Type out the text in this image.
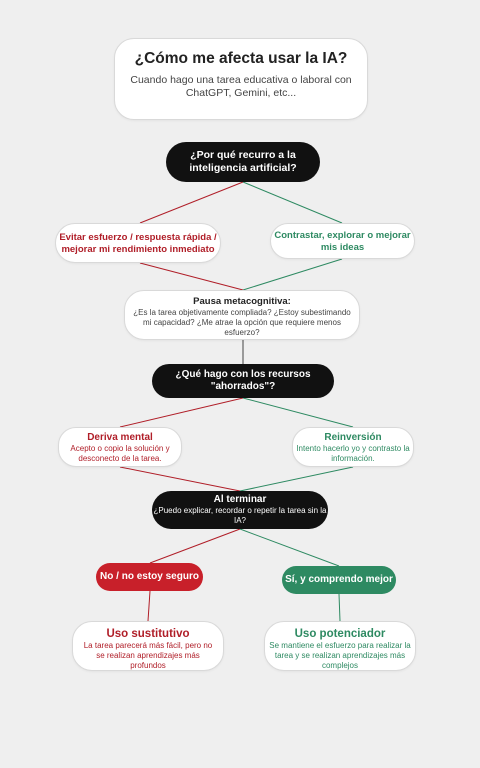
¿Cómo me afecta usar la IA?
Cuando hago una tarea educativa o laboral con ChatGPT, Gemini, etc...
¿Por qué recurro a la inteligencia artificial?
Evitar esfuerzo / respuesta rápida / mejorar mi rendimiento inmediato
Contrastar, explorar o mejorar mis ideas
Pausa metacognitiva:
¿Es la tarea objetivamente compliada? ¿Estoy subestimando mi capacidad? ¿Me atrae la opción que requiere menos esfuerzo?
¿Qué hago con los recursos "ahorrados"?
Deriva mental
Acepto o copio la solución y desconecto de la tarea.
Reinversión
Intento hacerlo yo y contrasto la información.
Al terminar
¿Puedo explicar, recordar o repetir la tarea sin la IA?
No / no estoy seguro	Sí, y comprendo mejor
Uso sustitutivo
La tarea parecerá más fácil, pero no se realizan aprendizajes más profundos
Uso potenciador
Se mantiene el esfuerzo para realizar la tarea y se realizan aprendizajes más complejos
